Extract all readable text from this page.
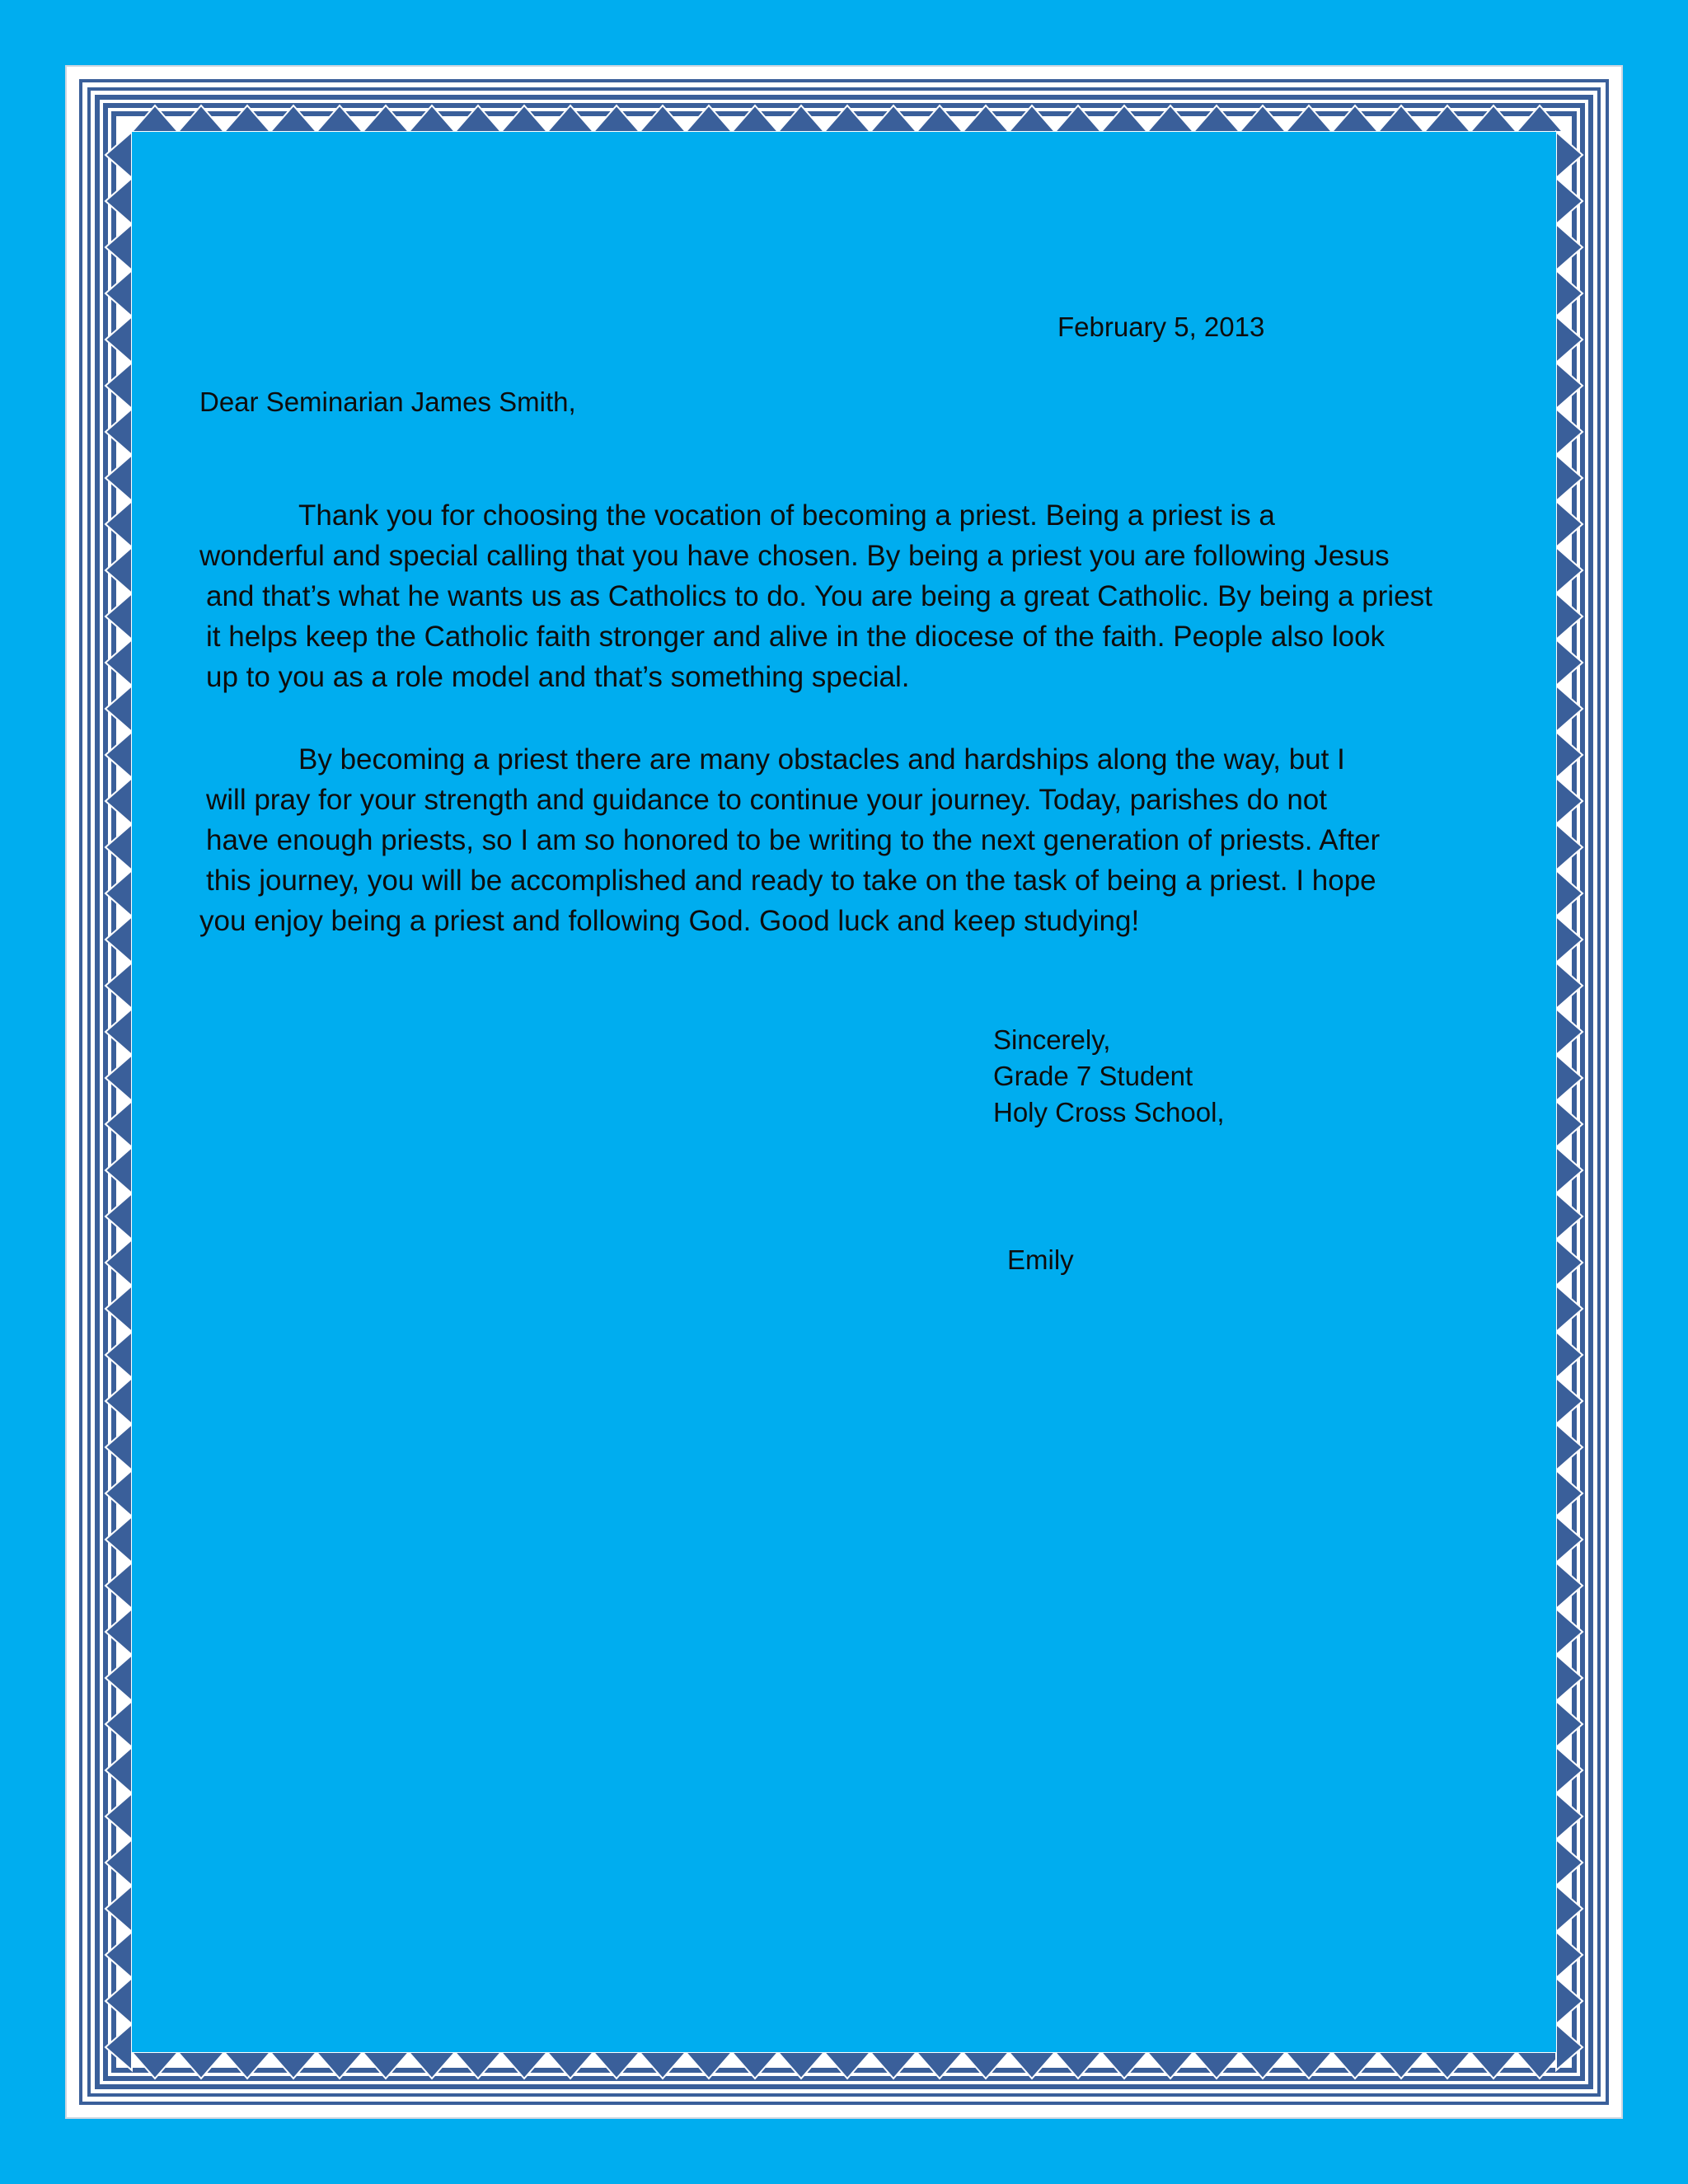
February 5, 2013
Dear Seminarian James Smith,
Thank you for choosing the vocation of becoming a priest. Being a priest is a
wonderful and special calling that you have chosen. By being a priest you are following Jesus
and that’s what he wants us as Catholics to do. You are being a great Catholic. By being a priest
it helps keep the Catholic faith stronger and alive in the diocese of the faith. People also look
up to you as a role model and that’s something special.
By becoming a priest there are many obstacles and hardships along the way, but I
will pray for your strength and guidance to continue your journey. Today, parishes do not
have enough priests, so I am so honored to be writing to the next generation of priests. After
this journey, you will be accomplished and ready to take on the task of being a priest. I hope
you enjoy being a priest and following God. Good luck and keep studying!
Sincerely,
Grade 7 Student
Holy Cross School,
Emily
